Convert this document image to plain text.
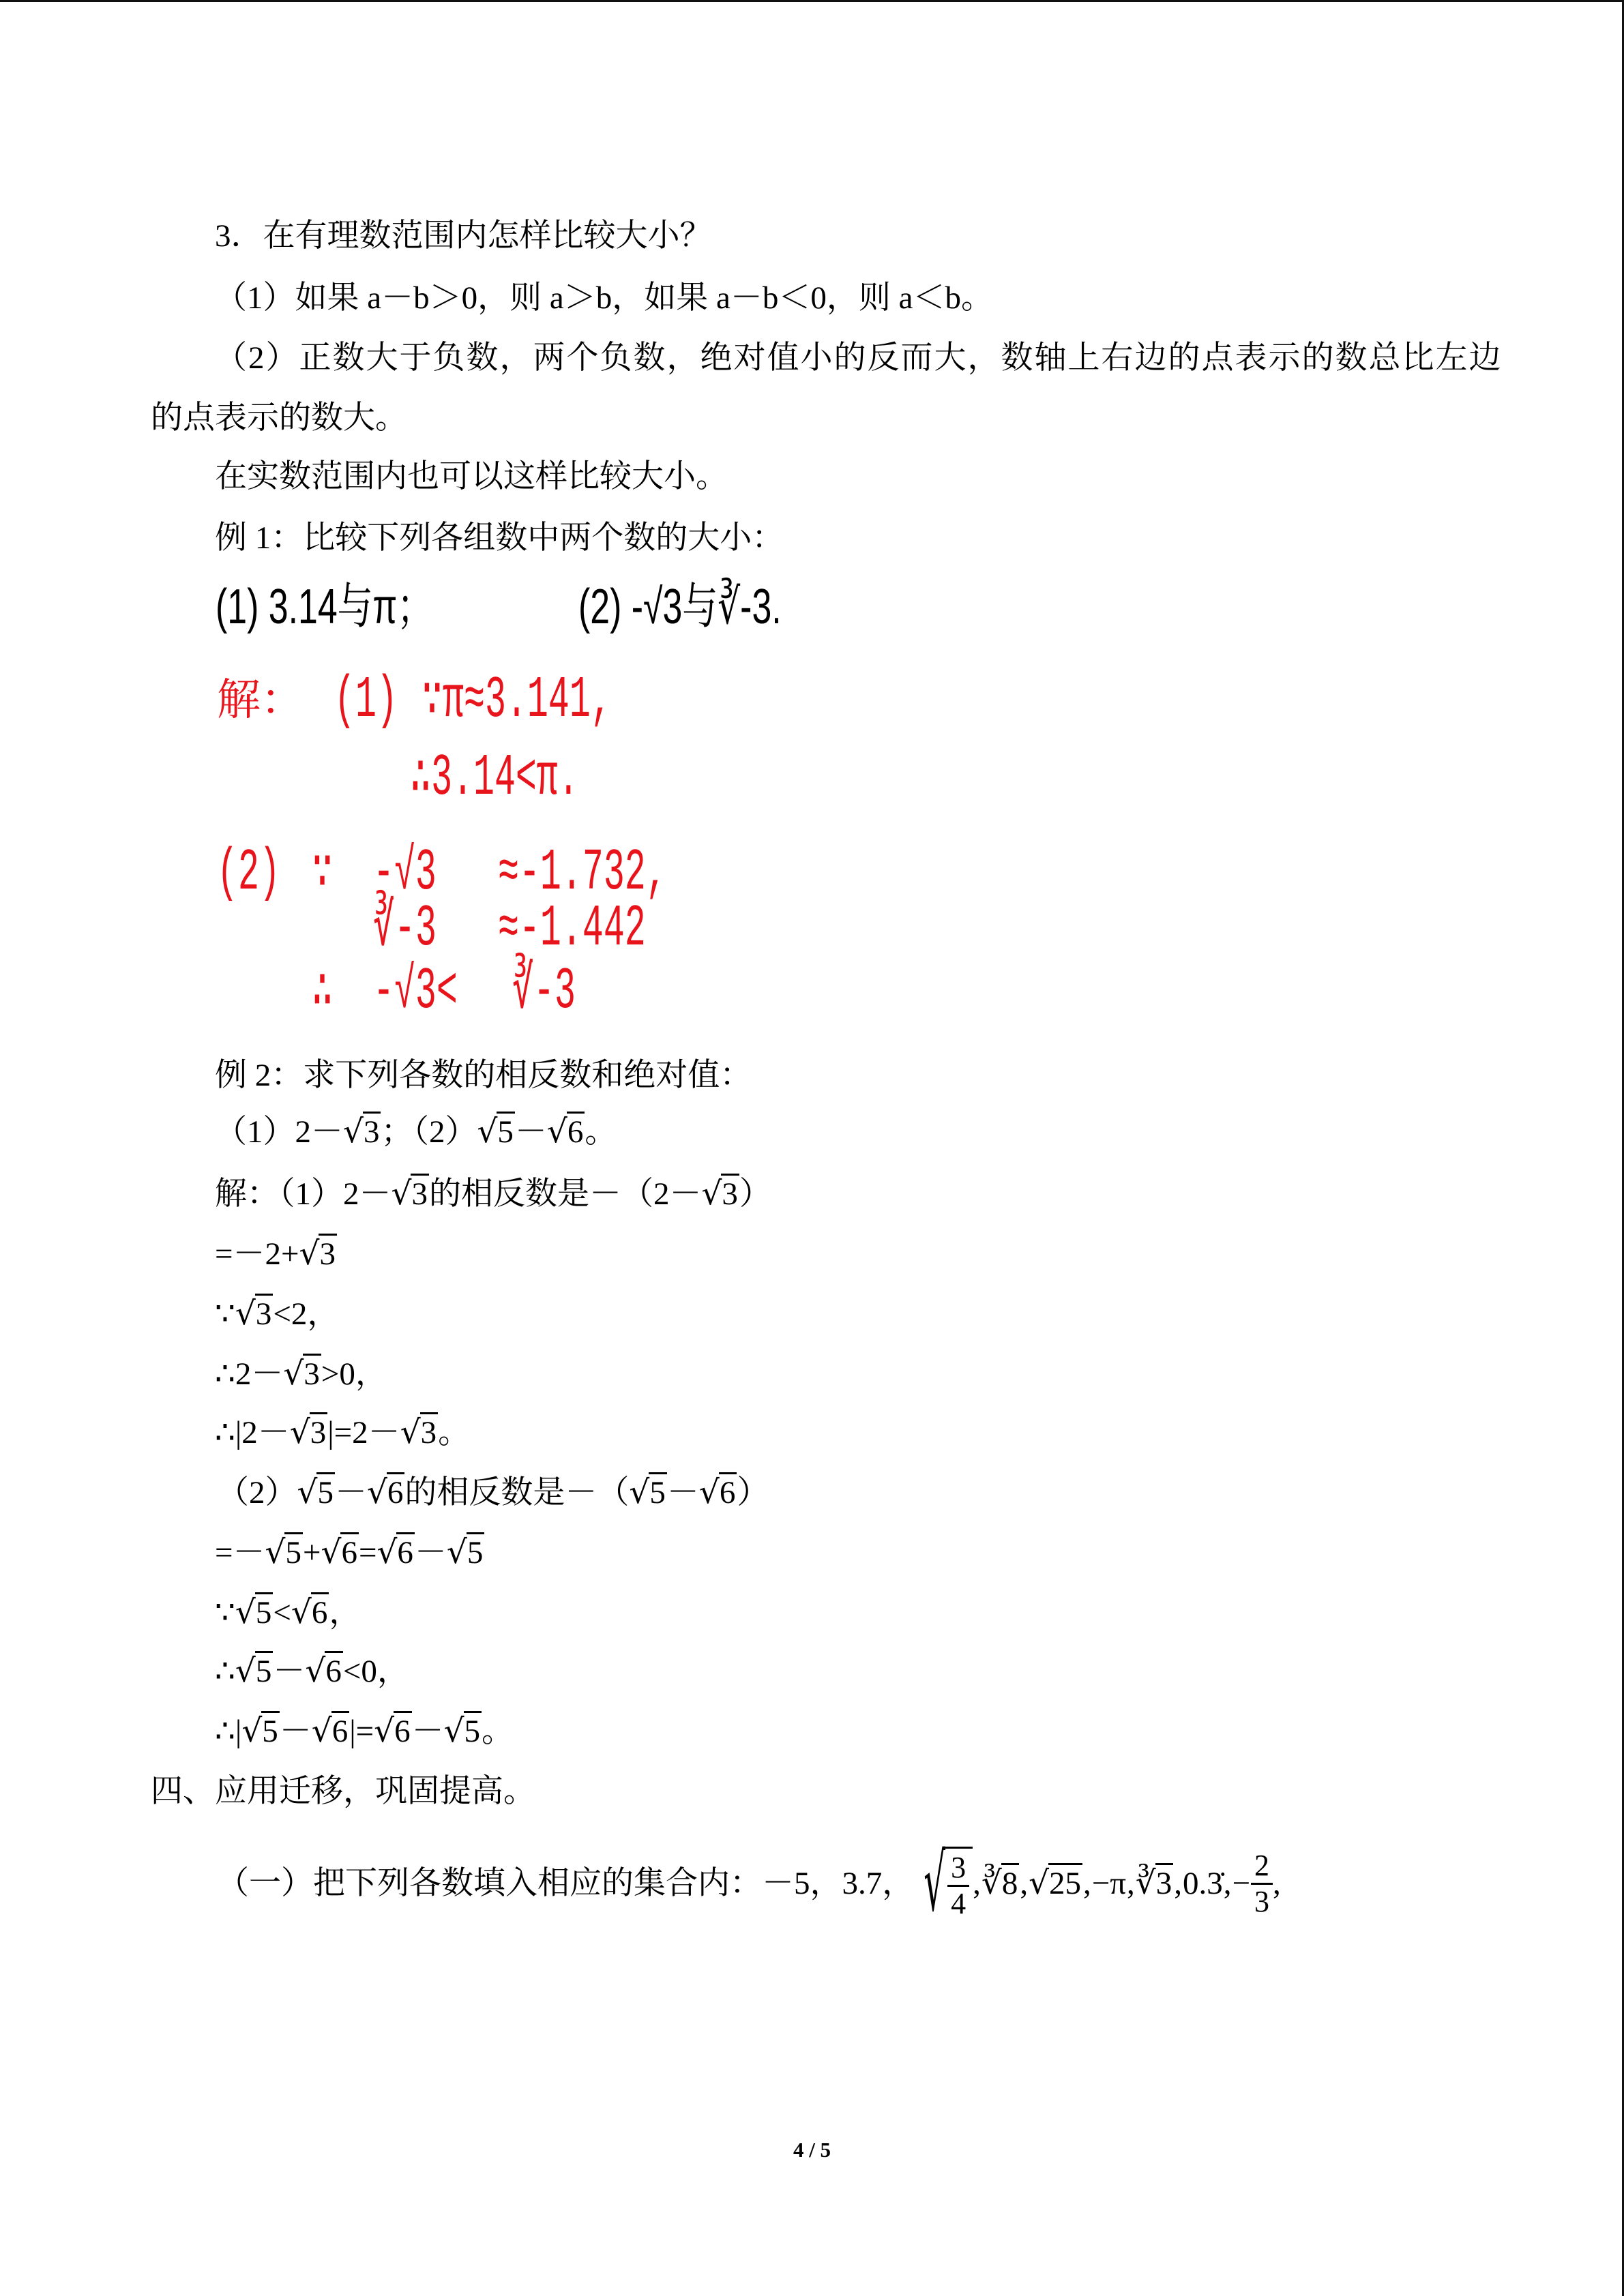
3．在有理数范围内怎样比较大小？
（1）如果 a－b＞0，则 a＞b，如果 a－b＜0，则 a＜b。
（2）正数大于负数，两个负数，绝对值小的反而大，数轴上右边的点表示的数总比左边
的点表示的数大。
在实数范围内也可以这样比较大小。
例 1：比较下列各组数中两个数的大小：
(1) 3.14与π；	(2) -√3与∛-3.
解： (1) ∵π≈3.141,
∴3.14<π.
(2) ∵ -√3 ≈-1.732,
∛-3 ≈-1.442
∴ -√3< ∛-3
例 2：求下列各数的相反数和绝对值：
（1）2－√3；（2）√5－√6。
解：（1）2－√3的相反数是－（2－√3）
=－2+√3
∵√3<2，
∴2－√3>0，
∴|2－√3|=2－√3。
（2）√5－√6的相反数是－（√5－√6）
=－√5+√6=√6－√5
∵√5<√6，
∴√5－√6<0，
∴|√5－√6|=√6－√5。
四、应用迁移，巩固提高。
（一）把下列各数填入相应的集合内：－5，3.7， √
$\frac{3}{4}$ , ∛8 , √25 , −π , ∛3 , 0.3̇ , − $\frac{2}{3}$ ,
4 / 5
